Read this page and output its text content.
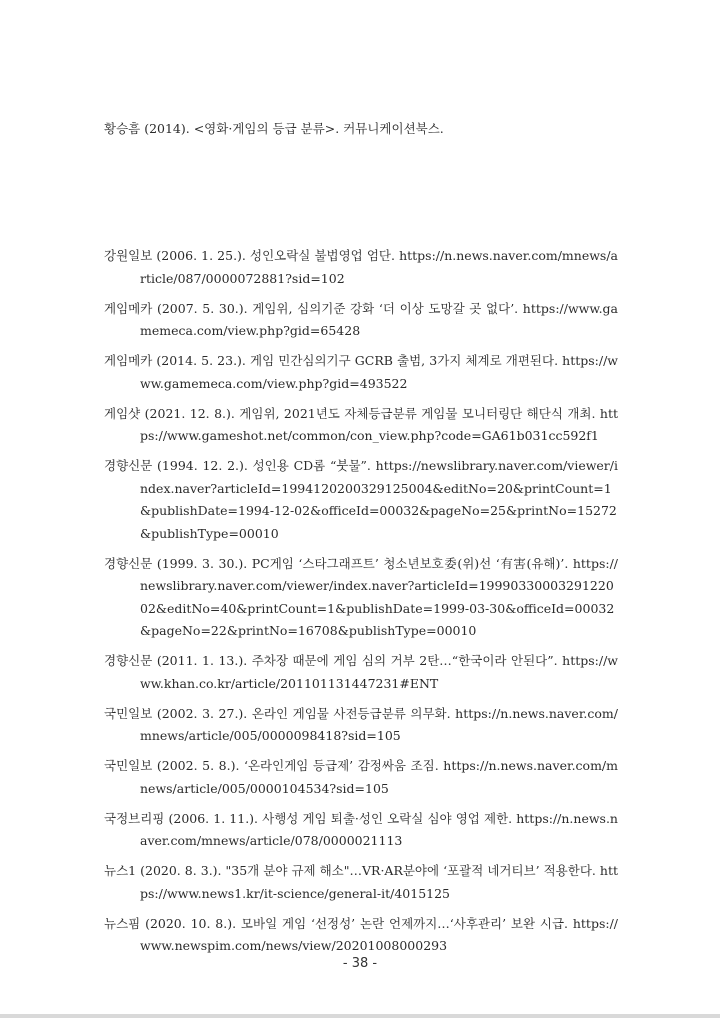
황승흠 (2014). <영화·게임의 등급 분류>. 커뮤니케이션북스.

강원일보 (2006. 1. 25.). 성인오락실 불법영업 엄단. https://n.news.naver.com/mnews/article/087/0000072881?sid=102

게임메카 (2007. 5. 30.). 게임위, 심의기준 강화 ‘더 이상 도망갈 곳 없다’. https://www.gamemeca.com/view.php?gid=65428

게임메카 (2014. 5. 23.). 게임 민간심의기구 GCRB 출범, 3가지 체계로 개편된다. https://www.gamemeca.com/view.php?gid=493522

게임샷 (2021. 12. 8.). 게임위, 2021년도 자체등급분류 게임물 모니터링단 해단식 개최. https://www.gameshot.net/common/con_view.php?code=GA61b031cc592f1

경향신문 (1994. 12. 2.). 성인용 CD롬 “붓물”. https://newslibrary.naver.com/viewer/index.naver?articleId=1994120200329125004&editNo=20&printCount=1&publishDate=1994-12-02&officeId=00032&pageNo=25&printNo=15272&publishType=00010

경향신문 (1999. 3. 30.). PC게임 ‘스타그래프트’ 청소년보호委(위)선 ‘有害(유해)’. https://newslibrary.naver.com/viewer/index.naver?articleId=1999033000329122002&editNo=40&printCount=1&publishDate=1999-03-30&officeId=00032&pageNo=22&printNo=16708&publishType=00010

경향신문 (2011. 1. 13.). 주차장 때문에 게임 심의 거부 2탄…“한국이라 안된다”. https://www.khan.co.kr/article/201101131447231#ENT

국민일보 (2002. 3. 27.). 온라인 게임물 사전등급분류 의무화. https://n.news.naver.com/mnews/article/005/0000098418?sid=105

국민일보 (2002. 5. 8.). ‘온라인게임 등급제’ 감정싸움 조짐. https://n.news.naver.com/mnews/article/005/0000104534?sid=105

국정브리핑 (2006. 1. 11.). 사행성 게임 퇴출·성인 오락실 심야 영업 제한. https://n.news.naver.com/mnews/article/078/0000021113

뉴스1 (2020. 8. 3.). "35개 분야 규제 해소"…VR·AR분야에 ‘포괄적 네거티브’ 적용한다. https://www.news1.kr/it-science/general-it/4015125

뉴스핌 (2020. 10. 8.). 모바일 게임 ‘선정성’ 논란 언제까지…‘사후관리’ 보완 시급. https://www.newspim.com/news/view/20201008000293

- 38 -
